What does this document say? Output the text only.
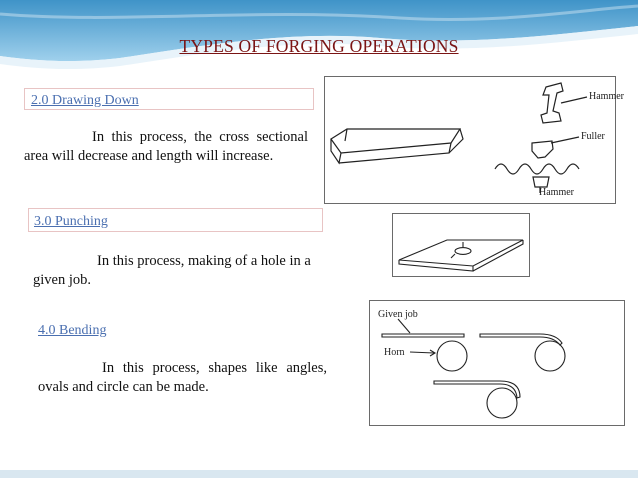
TYPES OF FORGING OPERATIONS
2.0 Drawing Down
In this process, the cross sectional area will decrease and length will increase.
Hammer
Fuller
Hammer
3.0 Punching
In this process, making of a hole in a given job.
4.0 Bending
In this process, shapes like angles, ovals and circle can be made.
Given job
Horn
